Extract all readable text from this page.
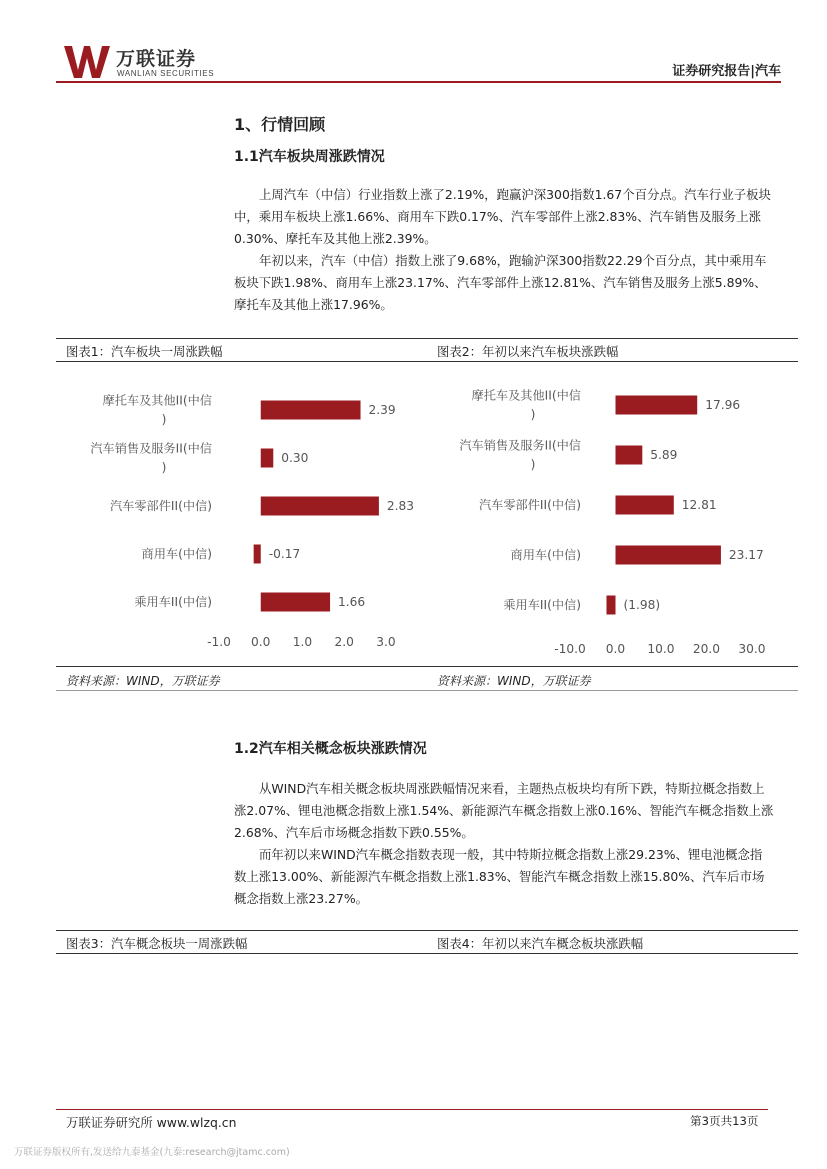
万联证券
WANLIAN SECURITIES	证券研究报告|汽车
1、行情回顾
1.1汽车板块周涨跌情况

上周汽车（中信）行业指数上涨了2.19%，跑赢沪深300指数1.67个百分点。汽车行业子板块中，乘用车板块上涨1.66%、商用车下跌0.17%、汽车零部件上涨2.83%、汽车销售及服务上涨0.30%、摩托车及其他上涨2.39%。

年初以来，汽车（中信）指数上涨了9.68%，跑输沪深300指数22.29个百分点，其中乘用车板块下跌1.98%、商用车上涨23.17%、汽车零部件上涨12.81%、汽车销售及服务上涨5.89%、摩托车及其他上涨17.96%。

图表1：汽车板块一周涨跌幅	图表2：年初以来汽车板块涨跌幅
摩托车及其他II(中信
)
2.39
汽车销售及服务II(中信
)
0.30
汽车零部件II(中信)	2.83
商用车(中信)	-0.17
乘用车II(中信)	1.66
-1.0 0.0 1.0 2.0 3.0
摩托车及其他II(中信
)
17.96
汽车销售及服务II(中信
)
5.89
汽车零部件II(中信)	12.81
商用车(中信)	23.17
乘用车II(中信)	(1.98)
-10.0 0.0 10.0 20.0 30.0
资料来源：WIND，万联证券	资料来源：WIND，万联证券
1.2汽车相关概念板块涨跌情况

从WIND汽车相关概念板块周涨跌幅情况来看，主题热点板块均有所下跌，特斯拉概念指数上涨2.07%、锂电池概念指数上涨1.54%、新能源汽车概念指数上涨0.16%、智能汽车概念指数上涨2.68%、汽车后市场概念指数下跌0.55%。

而年初以来WIND汽车概念指数表现一般，其中特斯拉概念指数上涨29.23%、锂电池概念指数上涨13.00%、新能源汽车概念指数上涨1.83%、智能汽车概念指数上涨15.80%、汽车后市场概念指数上涨23.27%。

图表3：汽车概念板块一周涨跌幅	图表4：年初以来汽车概念板块涨跌幅
万联证券研究所 www.wlzq.cn	第3页共13页
万联证券版权所有,发送给九泰基金(九泰:research@jtamc.com)
